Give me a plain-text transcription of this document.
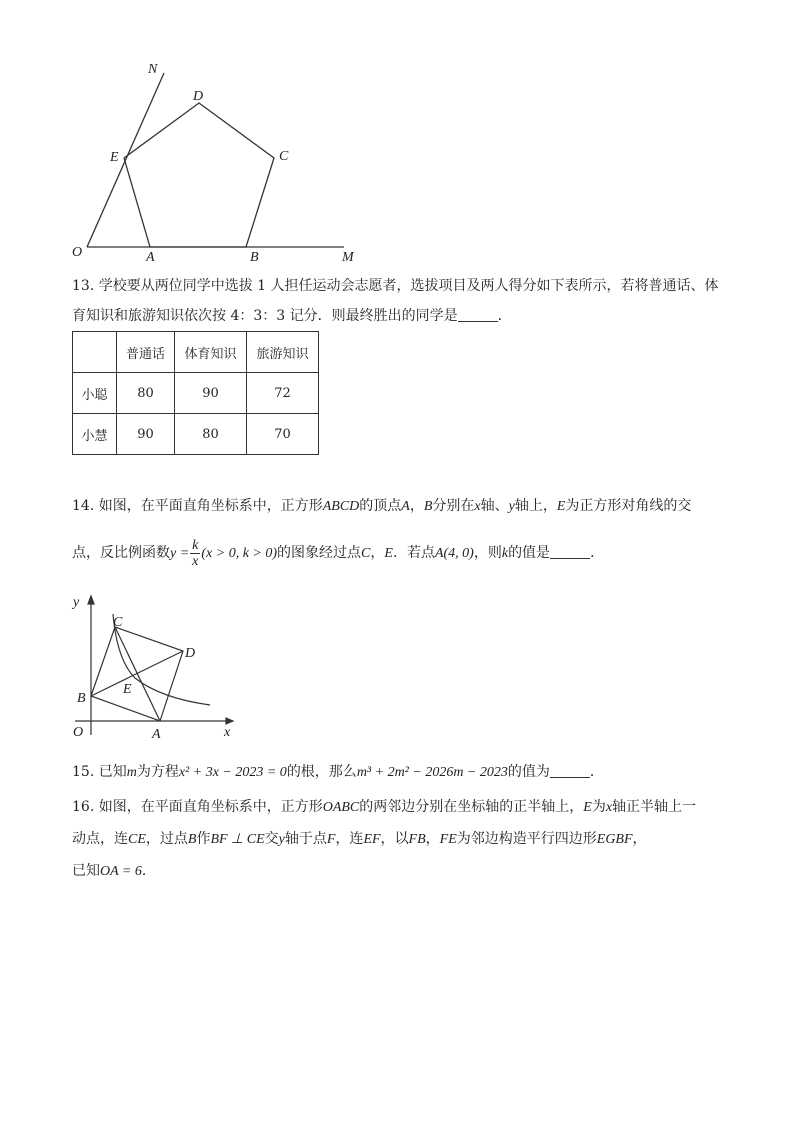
N
D
E	C
O	A	B	M
13. 学校要从两位同学中选拔 1 人担任运动会志愿者，选拔项目及两人得分如下表所示，若将普通话、体
育知识和旅游知识依次按 4：3：3 记分．则最终胜出的同学是	．
	普通话	体育知识	旅游知识
小聪	80	90	72
小慧	90	80	70
14. 如图，在平面直角坐标系中，正方形ABCD的顶点A，B分别在x轴、y轴上，E为正方形对角线的交
点，反比例函数$y = \frac{k}{x} (x > 0$, k > 0)的图象经过点C，E．若点A(4, 0)，则k的值是	．
y
x
C
D
B
E
O	A
15. 已知m为方程x² + 3x − 2023 = 0的根，那么m³ + 2m² − 2026m − 2023的值为	．
16. 如图，在平面直角坐标系中，正方形OABC的两邻边分别在坐标轴的正半轴上，E为x轴正半轴上一
动点，连CE，过点B作BF ⊥ CE交y轴于点F，连EF，以FB，FE为邻边构造平行四边形EGBF，
已知OA = 6．
